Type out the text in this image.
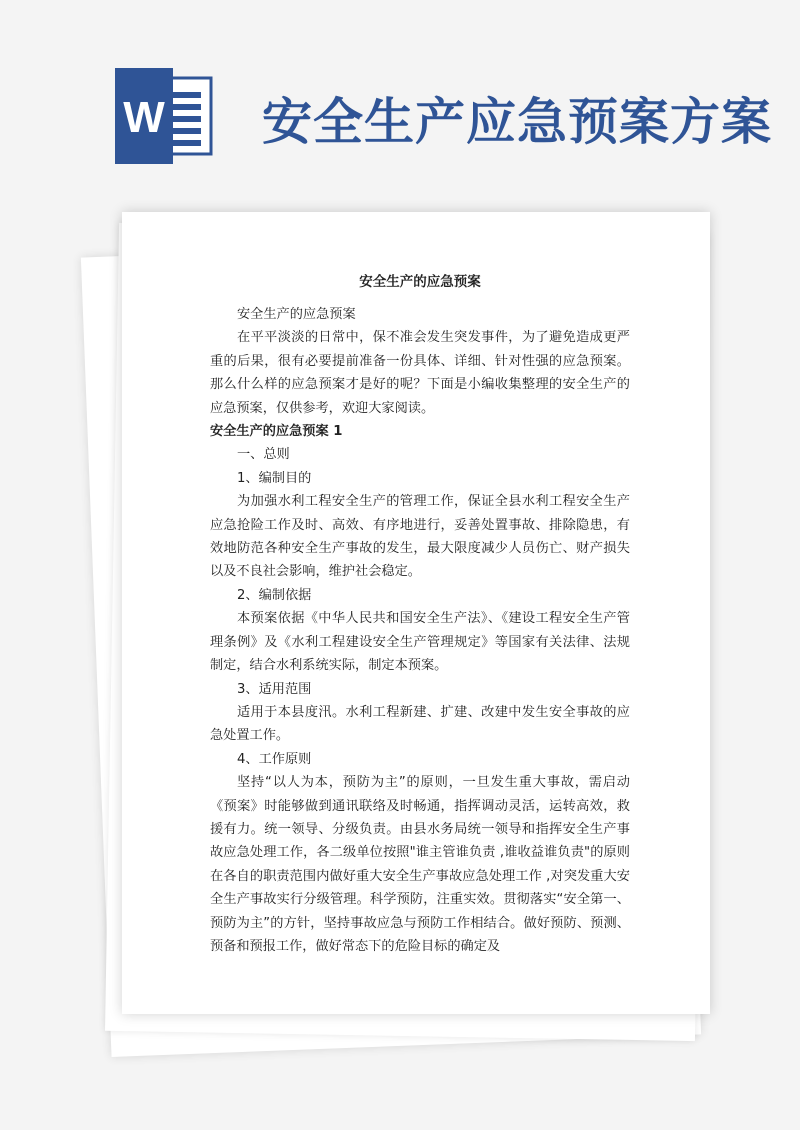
W 安全生产应急预案方案
安全生产的应急预案

安全生产的应急预案

在平平淡淡的日常中，保不准会发生突发事件，为了避免造成更严重的后果，很有必要提前准备一份具体、详细、针对性强的应急预案。那么什么样的应急预案才是好的呢？下面是小编收集整理的安全生产的应急预案，仅供参考，欢迎大家阅读。

安全生产的应急预案 1

一、总则

1、编制目的

为加强水利工程安全生产的管理工作，保证全县水利工程安全生产应急抢险工作及时、高效、有序地进行，妥善处置事故、排除隐患，有效地防范各种安全生产事故的发生，最大限度减少人员伤亡、财产损失以及不良社会影响，维护社会稳定。

2、编制依据

本预案依据《中华人民共和国安全生产法》、《建设工程安全生产管理条例》及《水利工程建设安全生产管理规定》等国家有关法律、法规制定，结合水利系统实际，制定本预案。

3、适用范围

适用于本县度汛。水利工程新建、扩建、改建中发生安全事故的应急处置工作。

4、工作原则

坚持“以人为本，预防为主”的原则，一旦发生重大事故，需启动《预案》时能够做到通讯联络及时畅通，指挥调动灵活，运转高效，救援有力。统一领导、分级负责。由县水务局统一领导和指挥安全生产事故应急处理工作，各二级单位按照"谁主管谁负责 ,谁收益谁负责"的原则在各自的职责范围内做好重大安全生产事故应急处理工作 ,对突发重大安全生产事故实行分级管理。科学预防，注重实效。贯彻落实“安全第一、预防为主”的方针，坚持事故应急与预防工作相结合。做好预防、预测、预备和预报工作，做好常态下的危险目标的确定及
